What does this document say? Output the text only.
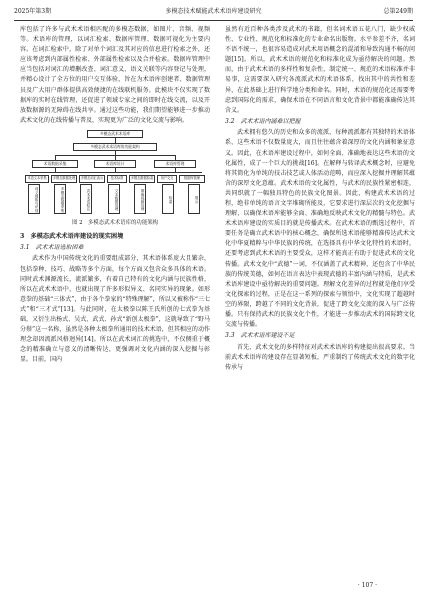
2025年第3期	多模态技术赋能武术术语库建设研究	总第249期

库包括了许多与武术术语相匹配的多模态数据，如图片、音频、视频等。术语库的管理，以词汇检索、数据库管理、数据可视化为主要内容。在词汇检索中，除了对单个词汇及其对应的信息进行检索之外，还应该考虑到内部属性检索、外部属性检索以及合并检索。数据库管理中应当包括对词汇的增删改查、词汇意义、语义关联等内容登记与处理，并精心设计了全方位的用户交互体验，旨在为术语库创建者、数据管理员及广大用户群体提供高效便捷的在线联机服务。此模块不仅实现了数据库的实时在线管理，还促进了领域专家之间的即时在线交流，以及开放数据源的无障碍在线共享。通过这些功能，我们期望能够进一步推动武术文化的在线传播与普及，实现更为广泛的文化交流与影响。

多模态武术术语库
多模态武术术语库的功能架构
术语数据采集	术语库设计	术语库管理
术语文本采集	多模态数据处理	多模态词汇表示	技术标准	多模态数据检索	用户交互	数据库管理
词义提取与识别	多模态数据采集	武术术语标注	文本数据处理	图像视频处理	检索	展示
图 2　多模态武术术语库的功能架构
3　多模态武术术语库建设的现实困境
3.1　武术术语选取困难

武术作为中国传统文化的重要组成部分，其术语体系庞大且繁杂，包括拳种、技巧、战略等多个方面，每个方面又包含众多具体的术语。同时武术渊源流长，流派繁多，有着自己特有的文化内涵与民族性格，所以在武术术语中，也就出现了许多形似异义、名同实异的现象。如形意拳的基础“三体式”，由于各个拳家的“特殊理解”，所以又被称作“三七式”和“三才式”[13]。与此同时，在太极拳以陈王氏所创的七式拳为基础，又衍生出杨式、吴式、武式、孙式“新创太极拳”，这就导致了“野马分鬃”这一名称，虽然是各种太极拳所通用的技术术语，但其相应的动作理念却因流派风格迥异[14]。所以在武术词汇的挑选中，不仅侧重于概念的精准确立与意义的清晰传达，更强调对文化内涵的深入挖掘与彰显。目前，国内

虽然有近百种各类涉及武术的书籍，但名词术语五花八门，缺少权威性、专业性、规范化和标准化的专业命名出版物。水平参差不齐，名词不语不统一，也很容易造成对武术用语概念的混淆和导致沟通不畅的问题[15]。所以，武术术语的规范化和标准化成为亟待解决的问题。然而，由于武术术语的多样性和复杂性，制定统一、规范的术语标准并非易事，这需要深入研究各流派武术的术语体系，找出其中的共性和差异，在此基础上进行科学地分类和命名。同时，术语的规范化还需要考虑到国际化的需求，确保术语在不同语言和文化背景中都能准确传达其含义。

3.2　武术术语内涵难以把握

武术拥有悠久的历史和众多的流派，每种流派都有其独特的术语体系，这些术语不仅数量庞大，而且往往蕴含着深厚的文化内涵和象征意义。因此，在术语库建设过程中，如何全面、准确地表达这些术语的文化属性，成了一个巨大的挑战[16]。在解释与转译武术概念时，应避免将其简化为单纯的技击技艺或人体活动范畴，而应深入挖掘并理解其蕴含的深厚文化意蕴。武术术语的文化属性，与武术的民族性紧密相连，共同织就了一幅独具特色的民族文化图景。因此，构建武术术语的过程，绝非单纯的语言文字堆砌所能及，它要求进行深层次的文化挖掘与理解，以确保术语库能够全面、准确地反映武术文化的精髓与特色。武术术语库建设的实质目的就是传播武术。在武术术语的甄选过程中，首要任务是确立武术语中的核心概念，确保所选术语能够精准传达武术文化中华夏精粹与中华民族的传统，在选择具有中华文化特性的术语时，还要考虑到武术术语的主要受众，这样才能真正有助于促进武术的文化传播。武术文化中“武德”一词，不仅涵盖了武术精神，还包含了中华民族的传统美德，如何在语言表达中表现武德的丰富内涵与特质，是武术术语库建设中亟待解决的重要问题。理解文化差异的过程就是他们享受文化探索的过程，正是在这一系列的探索与领悟中，文化实现了超越时空的界限，跨越了不同的文化背景，促进了跨文化交流的深入与广泛传播。只有保持武术的民族文化个性，才能进一步推动武术的国际跨文化交流与传播。

3.3　武术术语库建设不足

首先，武术文化的多样特征对武术术语库的构建提出很高要求。当前武术术语库的建设存在显著短板，严重制约了传统武术文化的数字化传承与

· 107 ·
